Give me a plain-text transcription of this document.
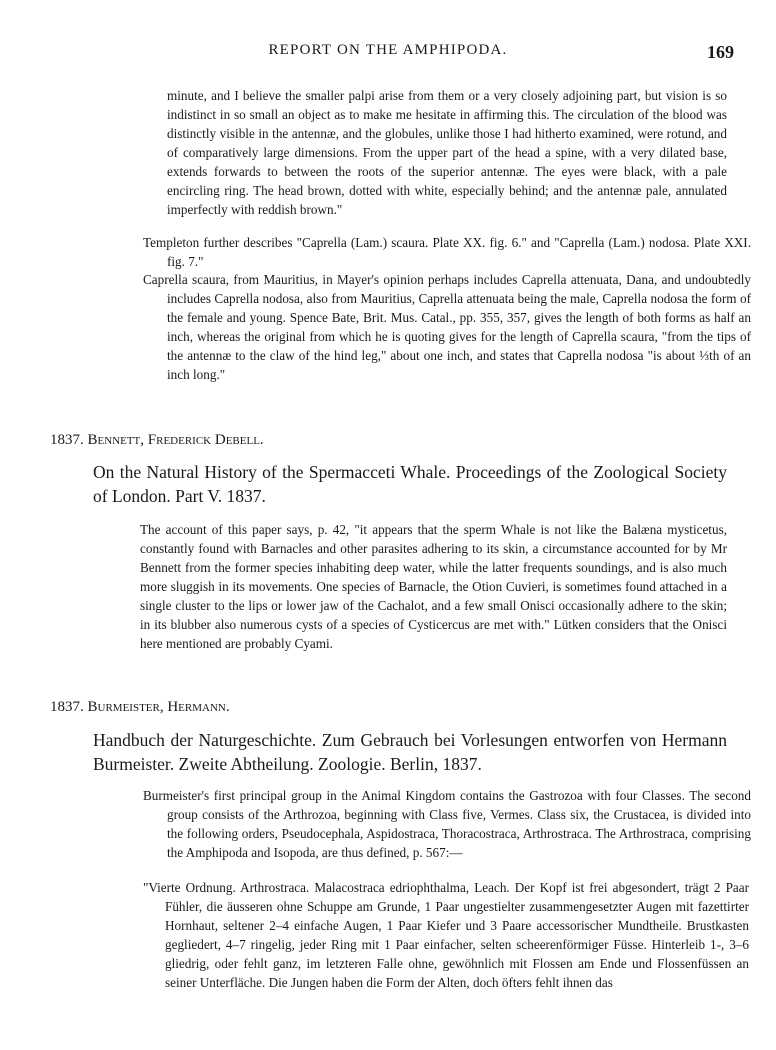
REPORT ON THE AMPHIPODA.	169

minute, and I believe the smaller palpi arise from them or a very closely adjoining part, but vision is so indistinct in so small an object as to make me hesitate in affirming this. The circulation of the blood was distinctly visible in the antennæ, and the globules, unlike those I had hitherto examined, were rotund, and of comparatively large dimensions. From the upper part of the head a spine, with a very dilated base, extends forwards to between the roots of the superior antennæ. The eyes were black, with a pale encircling ring. The head brown, dotted with white, especially behind; and the antennæ pale, annulated imperfectly with reddish brown."

Templeton further describes "Caprella (Lam.) scaura. Plate XX. fig. 6." and "Caprella (Lam.) nodosa. Plate XXI. fig. 7."

Caprella scaura, from Mauritius, in Mayer's opinion perhaps includes Caprella attenuata, Dana, and undoubtedly includes Caprella nodosa, also from Mauritius, Caprella attenuata being the male, Caprella nodosa the form of the female and young. Spence Bate, Brit. Mus. Catal., pp. 355, 357, gives the length of both forms as half an inch, whereas the original from which he is quoting gives for the length of Caprella scaura, "from the tips of the antennæ to the claw of the hind leg," about one inch, and states that Caprella nodosa "is about ⅓th of an inch long."

1837. Bennett, Frederick Debell.
On the Natural History of the Spermacceti Whale. Proceedings of the Zoological Society of London. Part V. 1837.
The account of this paper says, p. 42, "it appears that the sperm Whale is not like the Balæna mysticetus, constantly found with Barnacles and other parasites adhering to its skin, a circumstance accounted for by Mr Bennett from the former species inhabiting deep water, while the latter frequents soundings, and is also much more sluggish in its movements. One species of Barnacle, the Otion Cuvieri, is sometimes found attached in a single cluster to the lips or lower jaw of the Cachalot, and a few small Onisci occasionally adhere to the skin; in its blubber also numerous cysts of a species of Cysticercus are met with." Lütken considers that the Onisci here mentioned are probably Cyami.
1837. Burmeister, Hermann.
Handbuch der Naturgeschichte. Zum Gebrauch bei Vorlesungen entworfen von Hermann Burmeister. Zweite Abtheilung. Zoologie. Berlin, 1837.
Burmeister's first principal group in the Animal Kingdom contains the Gastrozoa with four Classes. The second group consists of the Arthrozoa, beginning with Class five, Vermes. Class six, the Crustacea, is divided into the following orders, Pseudocephala, Aspidostraca, Thoracostraca, Arthrostraca. The Arthrostraca, comprising the Amphipoda and Isopoda, are thus defined, p. 567:—
"Vierte Ordnung. Arthrostraca. Malacostraca edriophthalma, Leach. Der Kopf ist frei abgesondert, trägt 2 Paar Fühler, die äusseren ohne Schuppe am Grunde, 1 Paar ungestielter zusammengesetzter Augen mit fazettirter Hornhaut, seltener 2–4 einfache Augen, 1 Paar Kiefer und 3 Paare accessorischer Mundtheile. Brustkasten gegliedert, 4–7 ringelig, jeder Ring mit 1 Paar einfacher, selten scheerenförmiger Füsse. Hinterleib 1-, 3–6 gliedrig, oder fehlt ganz, im letzteren Falle ohne, gewöhnlich mit Flossen am Ende und Flossenfüssen an seiner Unterfläche. Die Jungen haben die Form der Alten, doch öfters fehlt ihnen das
